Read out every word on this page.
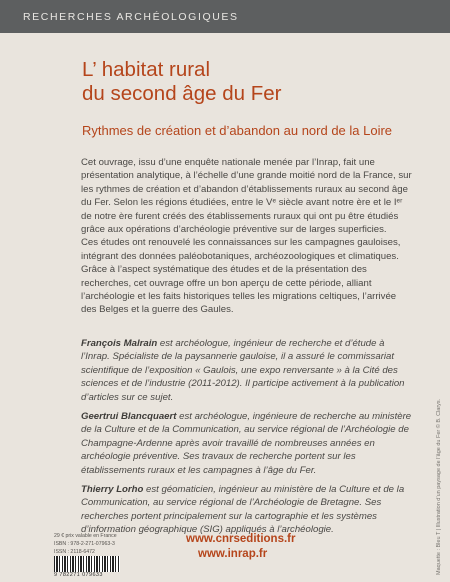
RECHERCHES ARCHÉOLOGIQUES
L’ habitat rural
du second âge du Fer
Rythmes de création et d’abandon au nord de la Loire

Cet ouvrage, issu d’une enquête nationale menée par l’Inrap, fait une présentation analytique, à l’échelle d’une grande moitié nord de la France, sur les rythmes de création et d’abandon d’établissements ruraux au second âge du Fer. Selon les régions étudiées, entre le Vᵉ siècle avant notre ère et le Iᵉʳ de notre ère furent créés des établissements ruraux qui ont pu être étudiés grâce aux opérations d’archéologie préventive sur de larges superficies.

Ces études ont renouvelé les connaissances sur les campagnes gauloises, intégrant des données paléobotaniques, archéozoologiques et climatiques. Grâce à l’aspect systématique des études et de la présentation des recherches, cet ouvrage offre un bon aperçu de cette période, alliant l’archéologie et les faits historiques telles les migrations celtiques, l’arrivée des Belges et la guerre des Gaules.

François Malrain est archéologue, ingénieur de recherche et d’étude à l’Inrap. Spécialiste de la paysannerie gauloise, il a assuré le commissariat scientifique de l’exposition « Gaulois, une expo renversante » à la Cité des sciences et de l’industrie (2011-2012). Il participe activement à la publication d’articles sur ce sujet.
Geertrui Blancquaert est archéologue, ingénieure de recherche au ministère de la Culture et de la Communication, au service régional de l’Archéologie de Champagne-Ardenne après avoir travaillé de nombreuses années en archéologie préventive. Ses travaux de recherche portent sur les établissements ruraux et les campagnes à l’âge du Fer.
Thierry Lorho est géomaticien, ingénieur au ministère de la Culture et de la Communication, au service régional de l’Archéologie de Bretagne. Ses recherches portent principalement sur la cartographie et les systèmes d’information géographique (SIG) appliqués à l’archéologie.	Maquette : Bleu T | Illustration d’un paysage de l’âge du Fer © B. Clarys.
29 € prix valable en France
ISBN : 978-2-271-07963-3
ISSN : 2118-6472
9 782271 079633
www.cnrseditions.fr
www.inrap.fr
